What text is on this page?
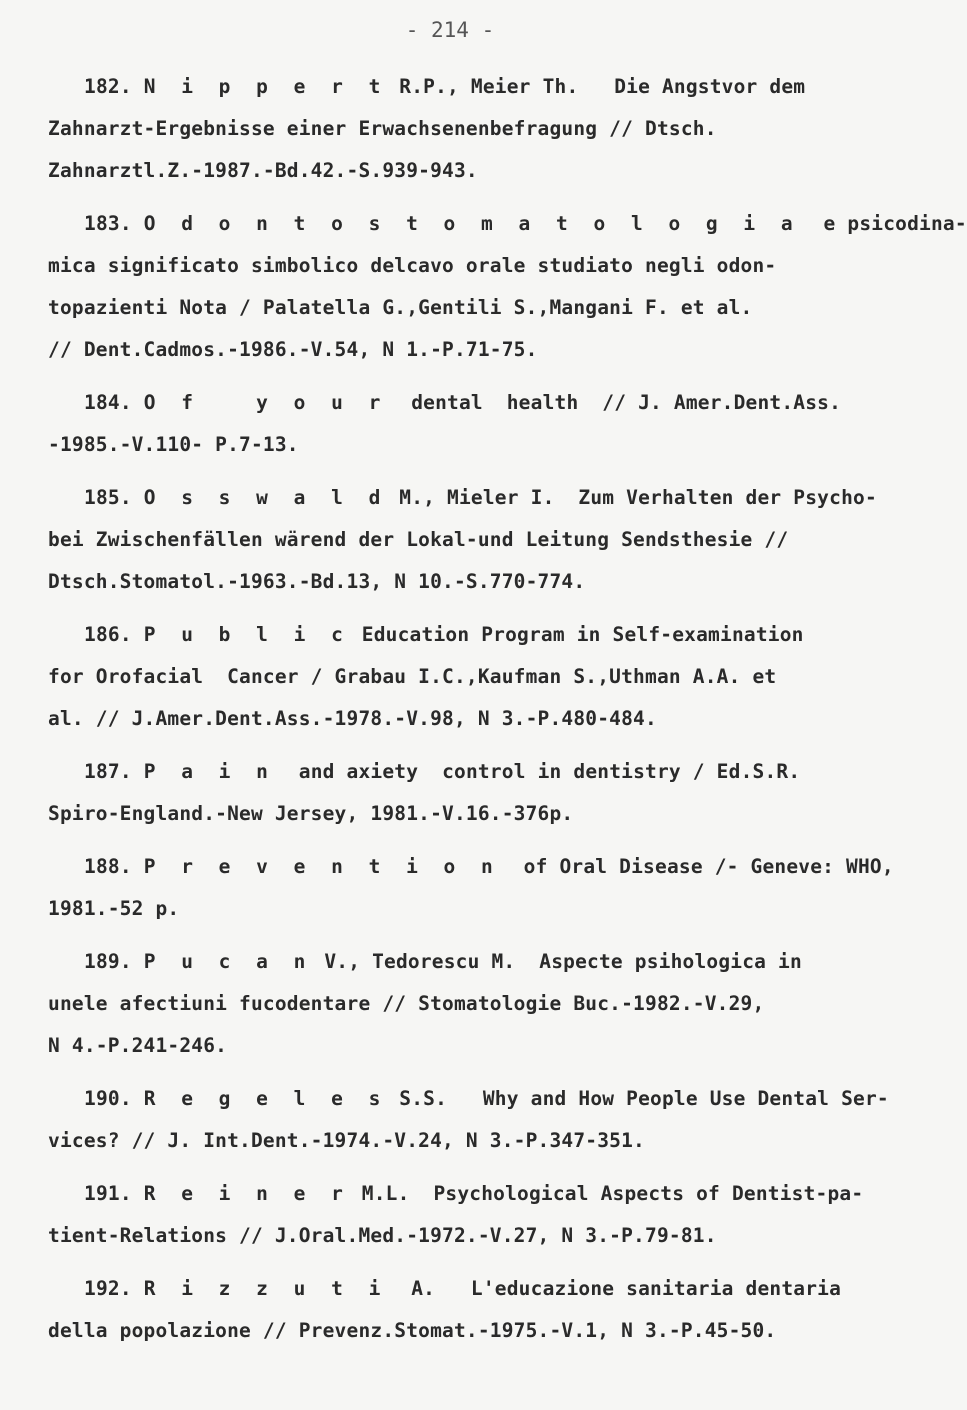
- 214 -
182. N i p p e r t R.P., Meier Th.   Die Angstvor dem
Zahnarzt-Ergebnisse einer Erwachsenenbefragung // Dtsch.
Zahnarztl.Z.-1987.-Bd.42.-S.939-943.
183. O d o n t o s t o m a t o l o g i a  e psicodina-
mica significato simbolico delcavo orale studiato negli odon-
topazienti Nota / Palatella G.,Gentili S.,Mangani F. et al.
// Dent.Cadmos.-1986.-V.54, N 1.-P.71-75.
184. O f   y o u r  dental  health  // J. Amer.Dent.Ass.
-1985.-V.110- P.7-13.
185. O s s w a l d M., Mieler I.  Zum Verhalten der Psycho-
bei Zwischenfällen wärend der Lokal-und Leitung Sendsthesie //
Dtsch.Stomatol.-1963.-Bd.13, N 10.-S.770-774.
186. P u b l i c Education Program in Self-examination
for Orofacial  Cancer / Grabau I.C.,Kaufman S.,Uthman A.A. et
al. // J.Amer.Dent.Ass.-1978.-V.98, N 3.-P.480-484.
187. P a i n  and axiety  control in dentistry / Ed.S.R.
Spiro-England.-New Jersey, 1981.-V.16.-376p.
188. P r e v e n t i o n  of Oral Disease /- Geneve: WHO,
1981.-52 p.
189. P u c a n V., Tedorescu M.  Aspecte psihologica in
unele afectiuni fucodentare // Stomatologie Buc.-1982.-V.29,
N 4.-P.241-246.
190. R e g e l e s S.S.   Why and How People Use Dental Ser-
vices? // J. Int.Dent.-1974.-V.24, N 3.-P.347-351.
191. R e i n e r M.L.  Psychological Aspects of Dentist-pa-
tient-Relations // J.Oral.Med.-1972.-V.27, N 3.-P.79-81.
192. R i z z u t i  A.   L'educazione sanitaria dentaria
della popolazione // Prevenz.Stomat.-1975.-V.1, N 3.-P.45-50.
